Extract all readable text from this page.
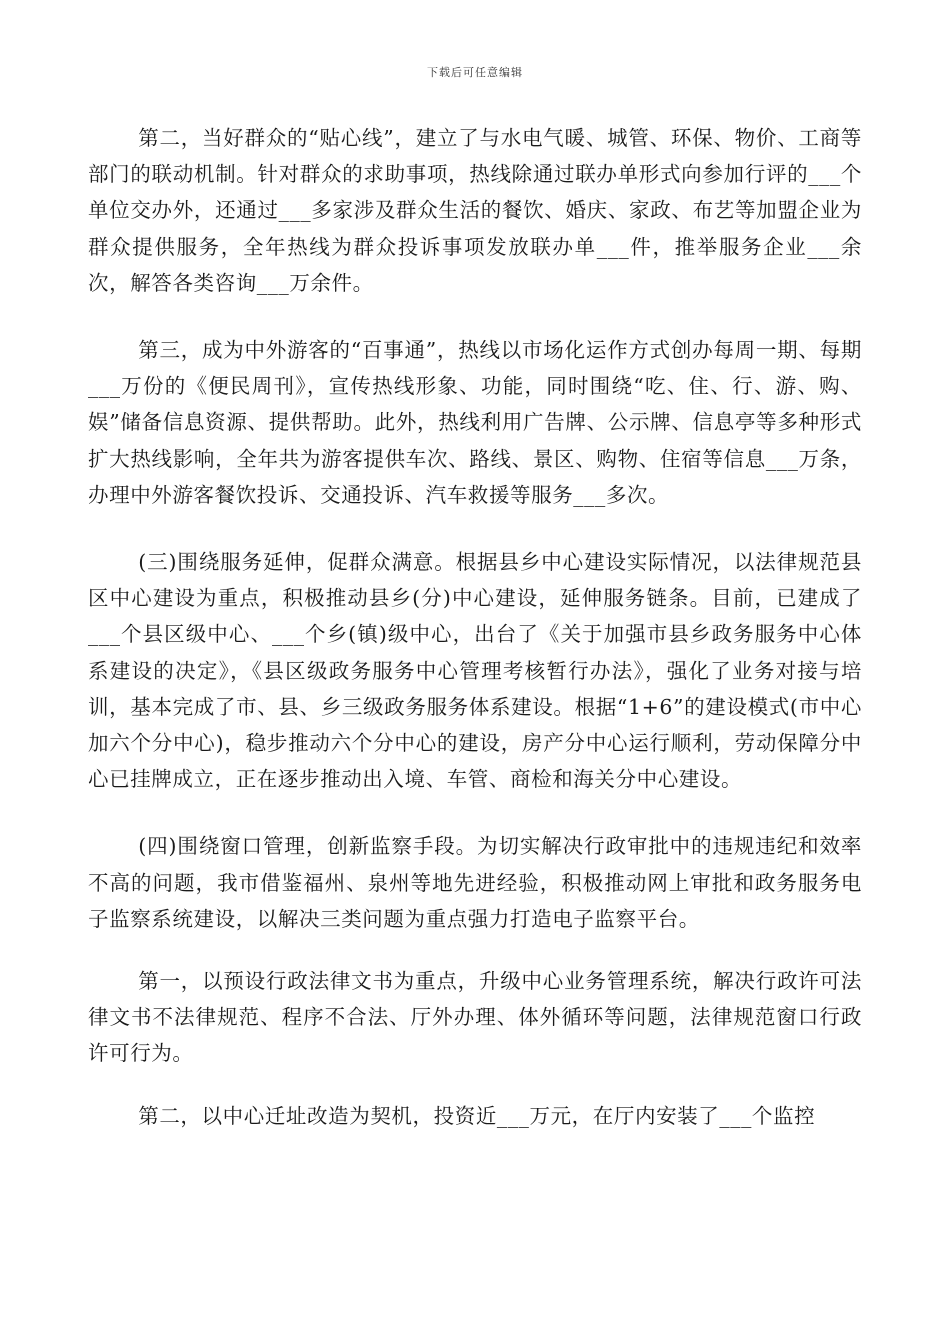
下载后可任意编辑

第二，当好群众的“贴心线”，建立了与水电气暖、城管、环保、物价、工商等部门的联动机制。针对群众的求助事项，热线除通过联办单形式向参加行评的___个单位交办外，还通过___多家涉及群众生活的餐饮、婚庆、家政、布艺等加盟企业为群众提供服务，全年热线为群众投诉事项发放联办单___件，推举服务企业___余次，解答各类咨询___万余件。

第三，成为中外游客的“百事通”，热线以市场化运作方式创办每周一期、每期___万份的《便民周刊》，宣传热线形象、功能，同时围绕“吃、住、行、游、购、娱”储备信息资源、提供帮助。此外，热线利用广告牌、公示牌、信息亭等多种形式扩大热线影响，全年共为游客提供车次、路线、景区、购物、住宿等信息___万条，办理中外游客餐饮投诉、交通投诉、汽车救援等服务___多次。

(三)围绕服务延伸，促群众满意。根据县乡中心建设实际情况，以法律规范县区中心建设为重点，积极推动县乡(分)中心建设，延伸服务链条。目前，已建成了___个县区级中心、___个乡(镇)级中心，出台了《关于加强市县乡政务服务中心体系建设的决定》，《县区级政务服务中心管理考核暂行办法》，强化了业务对接与培训，基本完成了市、县、乡三级政务服务体系建设。根据“1+6”的建设模式(市中心加六个分中心)，稳步推动六个分中心的建设，房产分中心运行顺利，劳动保障分中心已挂牌成立，正在逐步推动出入境、车管、商检和海关分中心建设。

(四)围绕窗口管理，创新监察手段。为切实解决行政审批中的违规违纪和效率不高的问题，我市借鉴福州、泉州等地先进经验，积极推动网上审批和政务服务电子监察系统建设，以解决三类问题为重点强力打造电子监察平台。

第一，以预设行政法律文书为重点，升级中心业务管理系统，解决行政许可法律文书不法律规范、程序不合法、厅外办理、体外循环等问题，法律规范窗口行政许可行为。

第二，以中心迁址改造为契机，投资近___万元，在厅内安装了___个监控
